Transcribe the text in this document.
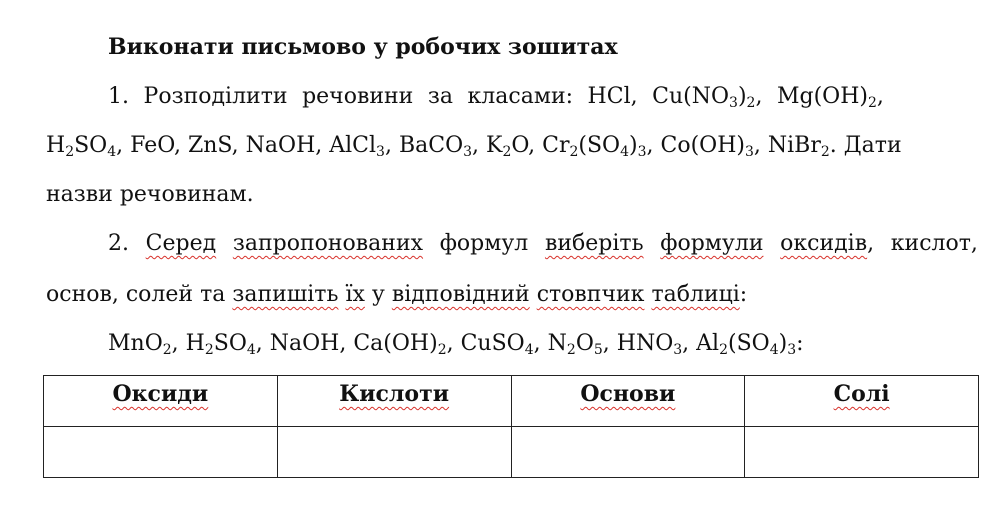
Виконати письмово у робочих зошитах
1. Розподілити речовини за класами: HCl, $Cu(NO_3)_2$, $Mg(OH)_2$,
$H_2SO_4$, FeO, ZnS, NaOH, AlCl$_3$, BaCO$_3$, $K_2O$, $Cr_2(SO_4)_3$, $Co(OH)_3$, NiBr$_2$. Дати
назви речовинам.
2. Серед запропонованих формул виберіть формули оксидів, кислот,
основ, солей та запишіть їх у відповідний стовпчик таблиці:
MnO$_2$, $H_2SO_4$, NaOH, $Ca(OH)_2$, CuSO$_4$, $N_2O_5$, $HNO_3$, $Al_2(SO_4)_3$:
Оксиди	Кислоти	Основи	Солі
